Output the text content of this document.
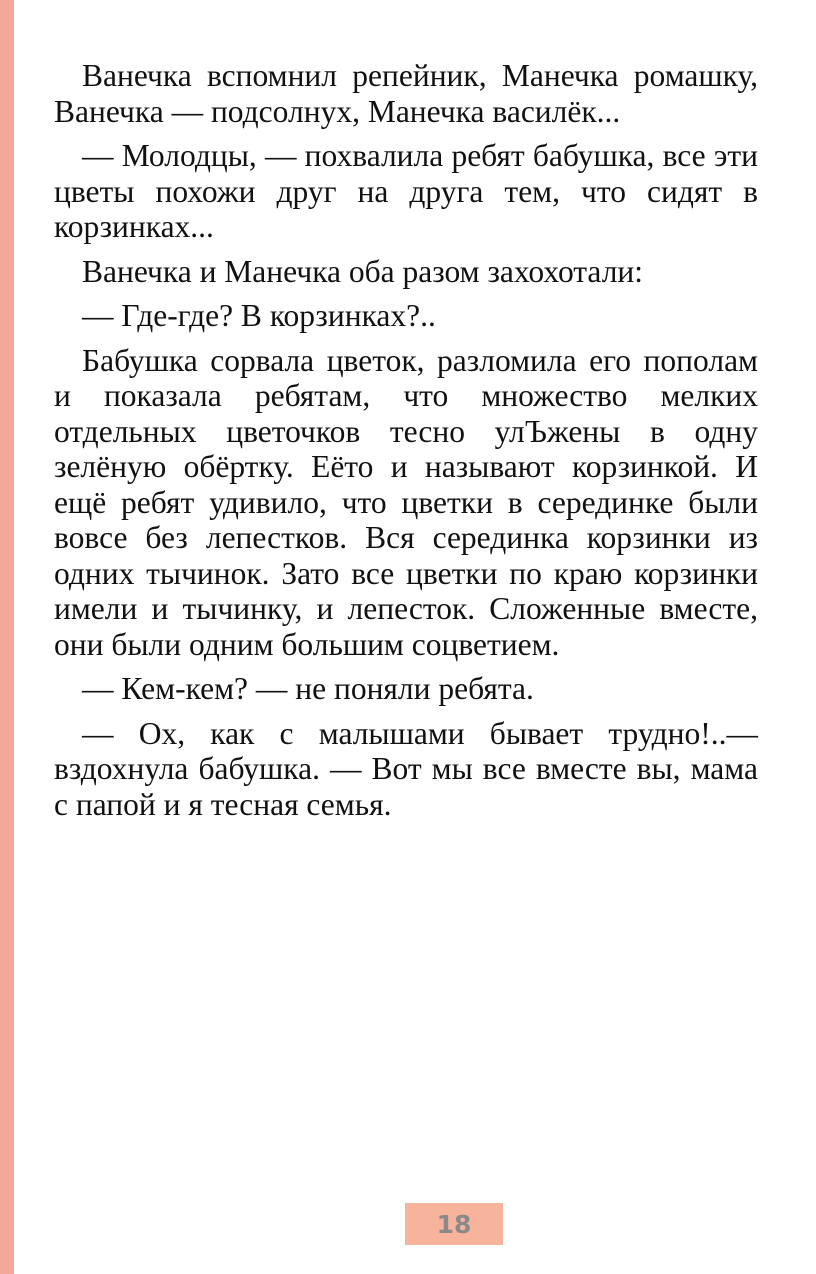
Ванечка вспомнил репейник, Манечка ромашку, Ванечка — подсолнух, Манечка василёк...

— Молодцы, — похвалила ребят бабушка, все эти цветы похожи друг на друга тем, что сидят в корзинках...

Ванечка и Манечка оба разом захохотали:

— Где-где? В корзинках?..

Бабушка сорвала цветок, разломила его пополам и показала ребятам, что множество мелких отдельных цветочков тесно улЪжены в одну зелёную обёртку. Еёто и называют корзинкой. И ещё ребят удивило, что цветки в серединке были вовсе без лепестков. Вся серединка корзинки из одних тычинок. Зато все цветки по краю корзинки имели и тычинку, и лепесток. Сложенные вместе, они были одним большим соцветием.

— Кем-кем? — не поняли ребята.

— Ох, как с малышами бывает трудно!..— вздохнула бабушка. — Вот мы все вместе вы, мама с папой и я тесная семья.

18
